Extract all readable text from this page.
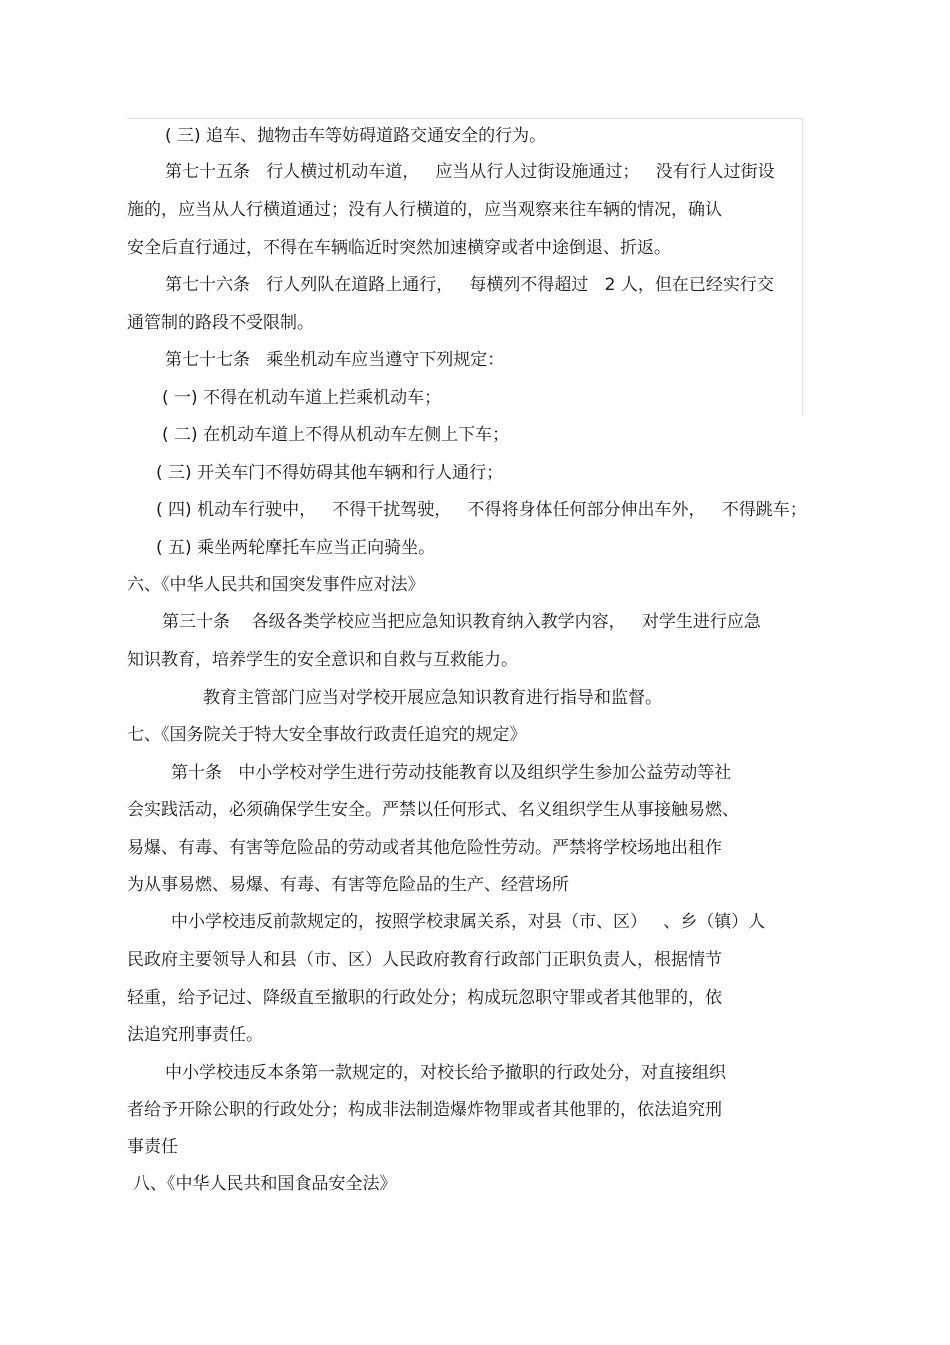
( 三) 追车、抛物击车等妨碍道路交通安全的行为。
第七十五条   行人横过机动车道，   应当从行人过街设施通过；   没有行人过街设
施的，应当从人行横道通过；没有人行横道的，应当观察来往车辆的情况，确认
安全后直行通过，不得在车辆临近时突然加速横穿或者中途倒退、折返。
第七十六条   行人列队在道路上通行，   每横列不得超过   2 人，但在已经实行交
通管制的路段不受限制。
第七十七条   乘坐机动车应当遵守下列规定：
( 一) 不得在机动车道上拦乘机动车；
( 二) 在机动车道上不得从机动车左侧上下车；
( 三) 开关车门不得妨碍其他车辆和行人通行；
( 四) 机动车行驶中，   不得干扰驾驶，   不得将身体任何部分伸出车外，   不得跳车；
( 五) 乘坐两轮摩托车应当正向骑坐。
六、《中华人民共和国突发事件应对法》
第三十条    各级各类学校应当把应急知识教育纳入教学内容，   对学生进行应急
知识教育，培养学生的安全意识和自救与互救能力。
教育主管部门应当对学校开展应急知识教育进行指导和监督。
七、《国务院关于特大安全事故行政责任追究的规定》
第十条   中小学校对学生进行劳动技能教育以及组织学生参加公益劳动等社
会实践活动，必须确保学生安全。严禁以任何形式、名义组织学生从事接触易燃、
易爆、有毒、有害等危险品的劳动或者其他危险性劳动。严禁将学校场地出租作
为从事易燃、易爆、有毒、有害等危险品的生产、经营场所
中小学校违反前款规定的，按照学校隶属关系，对县（市、区）   、乡（镇）人
民政府主要领导人和县（市、区）人民政府教育行政部门正职负责人，根据情节
轻重，给予记过、降级直至撤职的行政处分；构成玩忽职守罪或者其他罪的，依
法追究刑事责任。
中小学校违反本条第一款规定的，对校长给予撤职的行政处分，对直接组织
者给予开除公职的行政处分；构成非法制造爆炸物罪或者其他罪的，依法追究刑
事责任
八、《中华人民共和国食品安全法》
